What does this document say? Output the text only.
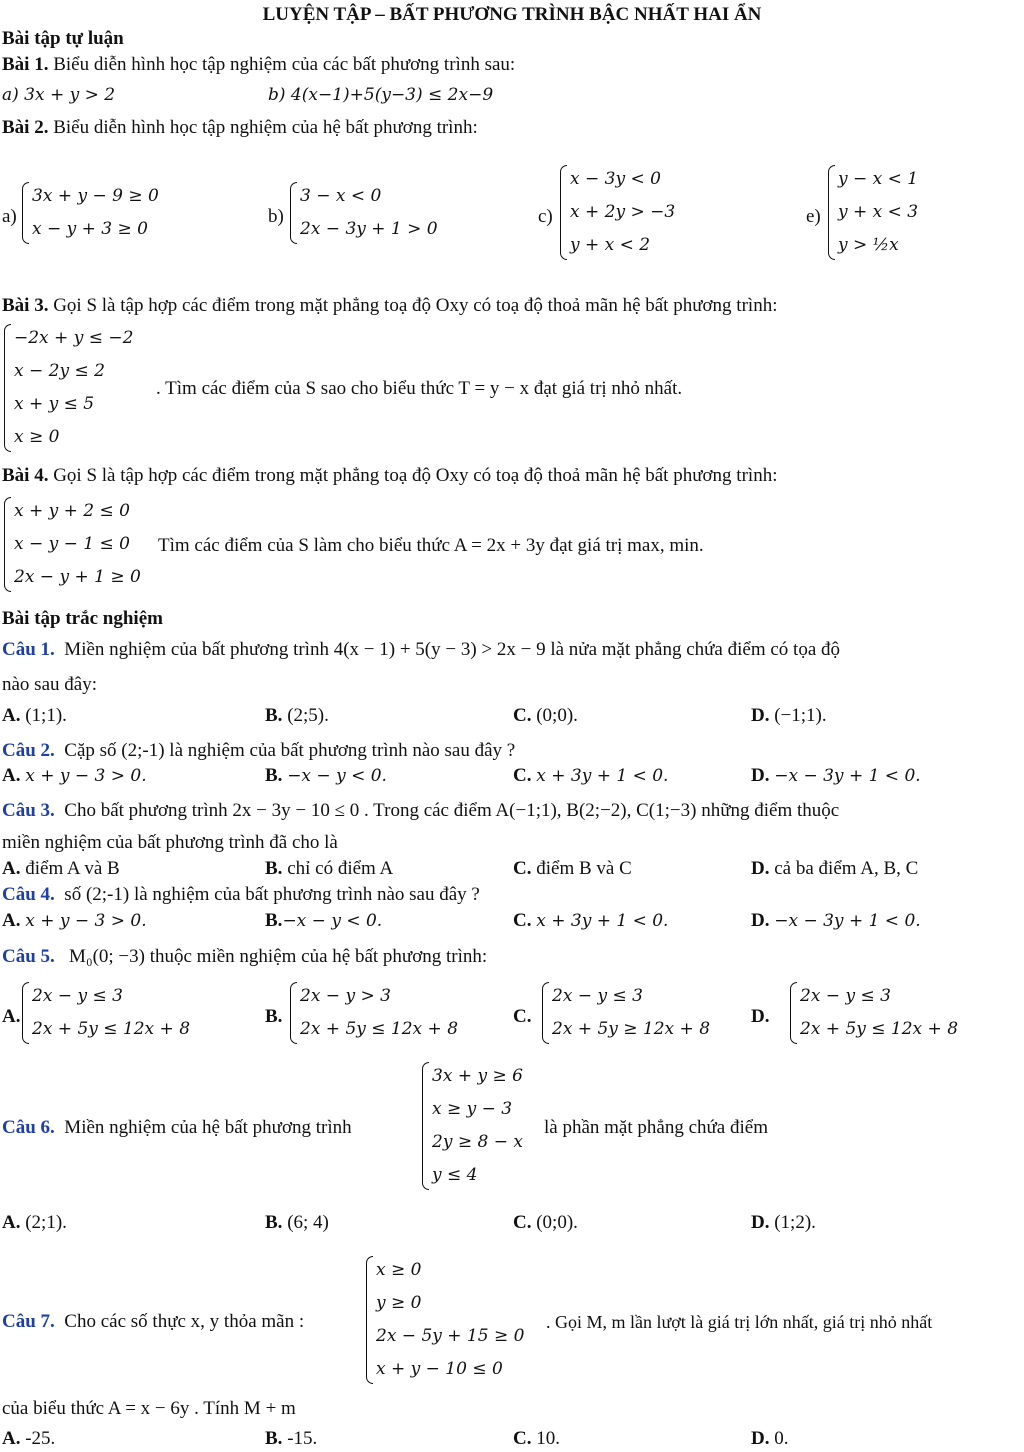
LUYỆN TẬP – BẤT PHƯƠNG TRÌNH BẬC NHẤT HAI ẨN
Bài tập tự luận
Bài 1. Biểu diễn hình học tập nghiệm của các bất phương trình sau:
a) 3x + y > 2	b) 4(x−1)+5(y−3) ≤ 2x−9
Bài 2. Biểu diễn hình học tập nghiệm của hệ bất phương trình:
a)
3x + y − 9 ≥ 0
x − y + 3 ≥ 0
b)
3 − x < 0
2x − 3y + 1 > 0
c)
x − 3y < 0
x + 2y > −3
y + x < 2
e)
y − x < 1
y + x < 3
y > ½x
Bài 3. Gọi S là tập hợp các điểm trong mặt phẳng toạ độ Oxy có toạ độ thoả mãn hệ bất phương trình:
−2x + y ≤ −2
x − 2y ≤ 2
x + y ≤ 5
x ≥ 0
. Tìm các điểm của S sao cho biểu thức T = y − x đạt giá trị nhỏ nhất.
Bài 4. Gọi S là tập hợp các điểm trong mặt phẳng toạ độ Oxy có toạ độ thoả mãn hệ bất phương trình:
x + y + 2 ≤ 0
x − y − 1 ≤ 0
2x − y + 1 ≥ 0
Tìm các điểm của S làm cho biểu thức A = 2x + 3y đạt giá trị max, min.
Bài tập trắc nghiệm
Câu 1. Miền nghiệm của bất phương trình 4(x − 1) + 5(y − 3) > 2x − 9 là nửa mặt phẳng chứa điểm có tọa độ
nào sau đây:
A. (1;1).	B. (2;5).	C. (0;0).	D. (−1;1).
Câu 2. Cặp số (2;-1) là nghiệm của bất phương trình nào sau đây ?
A. x + y − 3 > 0.	B. −x − y < 0.	C. x + 3y + 1 < 0.	D. −x − 3y + 1 < 0.
Câu 3. Cho bất phương trình 2x − 3y − 10 ≤ 0 . Trong các điểm A(−1;1), B(2;−2), C(1;−3) những điểm thuộc
miền nghiệm của bất phương trình đã cho là
A. điểm A và B	B. chỉ có điểm A	C. điểm B và C	D. cả ba điểm A, B, C
Câu 4. số (2;-1) là nghiệm của bất phương trình nào sau đây ?
A. x + y − 3 > 0.	B.−x − y < 0.	C. x + 3y + 1 < 0.	D. −x − 3y + 1 < 0.
Câu 5. M₀(0; −3) thuộc miền nghiệm của hệ bất phương trình:
A.
2x − y ≤ 3
2x + 5y ≤ 12x + 8
B.
2x − y > 3
2x + 5y ≤ 12x + 8
C.
2x − y ≤ 3
2x + 5y ≥ 12x + 8
D.
2x − y ≤ 3
2x + 5y ≤ 12x + 8
Câu 6. Miền nghiệm của hệ bất phương trình
3x + y ≥ 6
x ≥ y − 3
2y ≥ 8 − x
y ≤ 4
là phần mặt phẳng chứa điểm
A. (2;1).	B. (6; 4)	C. (0;0).	D. (1;2).
Câu 7. Cho các số thực x, y thỏa mãn :
x ≥ 0
y ≥ 0
2x − 5y + 15 ≥ 0
x + y − 10 ≤ 0
. Gọi M, m lần lượt là giá trị lớn nhất, giá trị nhỏ nhất
của biểu thức A = x − 6y . Tính M + m
A. -25.	B. -15.	C. 10.	D. 0.
